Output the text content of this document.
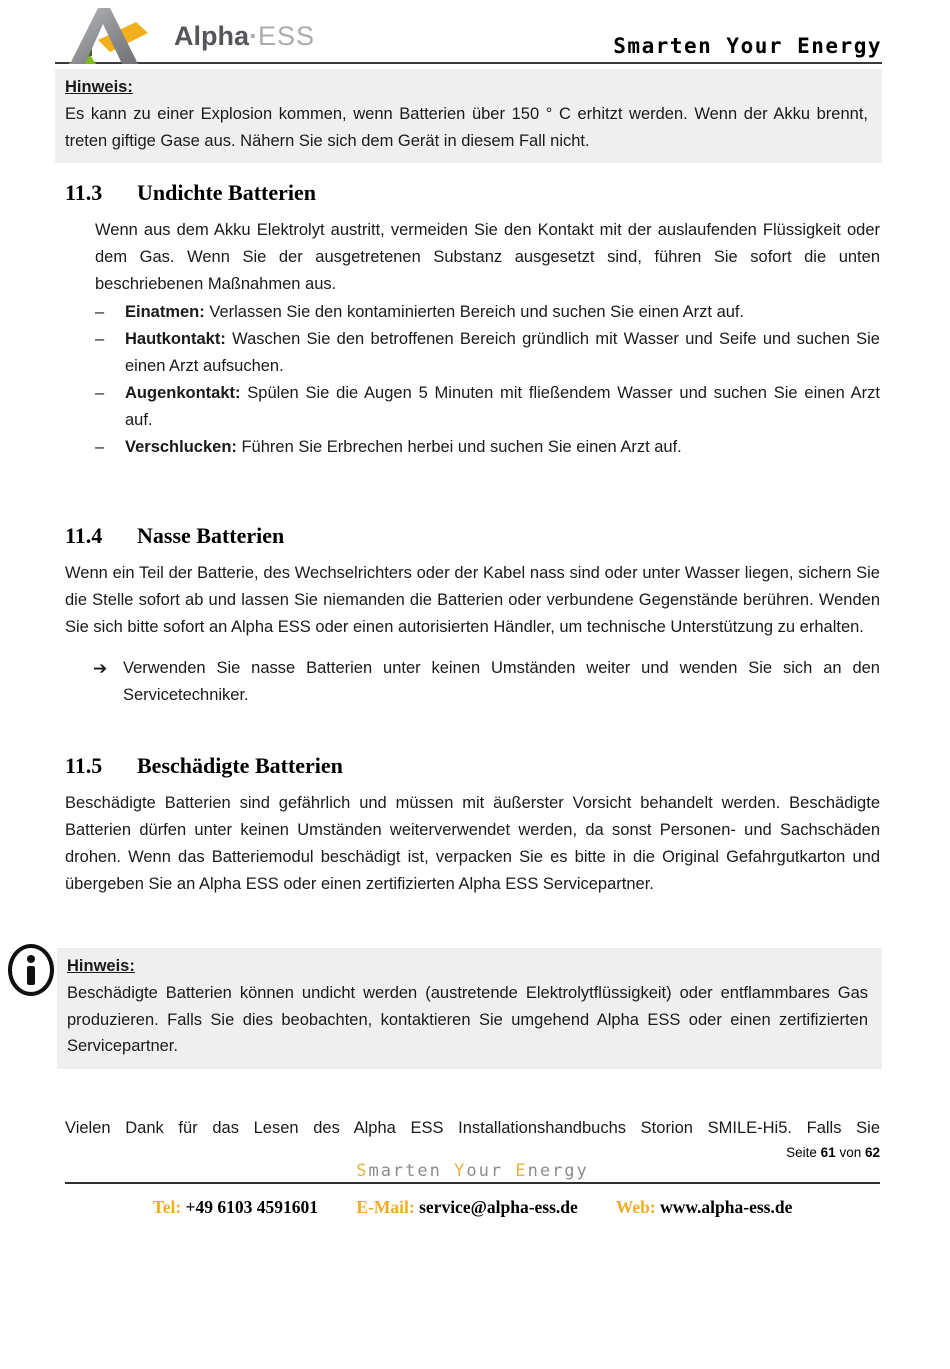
Alpha·ESS	Smarten Your Energy
Hinweis:
Es kann zu einer Explosion kommen, wenn Batterien über 150 ° C erhitzt werden. Wenn der Akku brennt, treten giftige Gase aus. Nähern Sie sich dem Gerät in diesem Fall nicht.
11.3	Undichte Batterien
Wenn aus dem Akku Elektrolyt austritt, vermeiden Sie den Kontakt mit der auslaufenden Flüssigkeit oder dem Gas. Wenn Sie der ausgetretenen Substanz ausgesetzt sind, führen Sie sofort die unten beschriebenen Maßnahmen aus.
– Einatmen: Verlassen Sie den kontaminierten Bereich und suchen Sie einen Arzt auf.
– Hautkontakt: Waschen Sie den betroffenen Bereich gründlich mit Wasser und Seife und suchen Sie einen Arzt aufsuchen.
– Augenkontakt: Spülen Sie die Augen 5 Minuten mit fließendem Wasser und suchen Sie einen Arzt auf.
– Verschlucken: Führen Sie Erbrechen herbei und suchen Sie einen Arzt auf.
11.4	Nasse Batterien
Wenn ein Teil der Batterie, des Wechselrichters oder der Kabel nass sind oder unter Wasser liegen, sichern Sie die Stelle sofort ab und lassen Sie niemanden die Batterien oder verbundene Gegenstände berühren. Wenden Sie sich bitte sofort an Alpha ESS oder einen autorisierten Händler, um technische Unterstützung zu erhalten.
➔ Verwenden Sie nasse Batterien unter keinen Umständen weiter und wenden Sie sich an den Servicetechniker.
11.5	Beschädigte Batterien
Beschädigte Batterien sind gefährlich und müssen mit äußerster Vorsicht behandelt werden. Beschädigte Batterien dürfen unter keinen Umständen weiterverwendet werden, da sonst Personen- und Sachschäden drohen. Wenn das Batteriemodul beschädigt ist, verpacken Sie es bitte in die Original Gefahrgutkarton und übergeben Sie an Alpha ESS oder einen zertifizierten Alpha ESS Servicepartner.
Hinweis:
Beschädigte Batterien können undicht werden (austretende Elektrolytflüssigkeit) oder entflammbares Gas produzieren. Falls Sie dies beobachten, kontaktieren Sie umgehend Alpha ESS oder einen zertifizierten Servicepartner.
Vielen Dank für das Lesen des Alpha ESS Installationshandbuchs Storion SMILE-Hi5. Falls Sie
Seite 61 von 62
Smarten Your Energy
Tel: +49 6103 4591601 E-Mail: service@alpha-ess.de Web: www.alpha-ess.de
